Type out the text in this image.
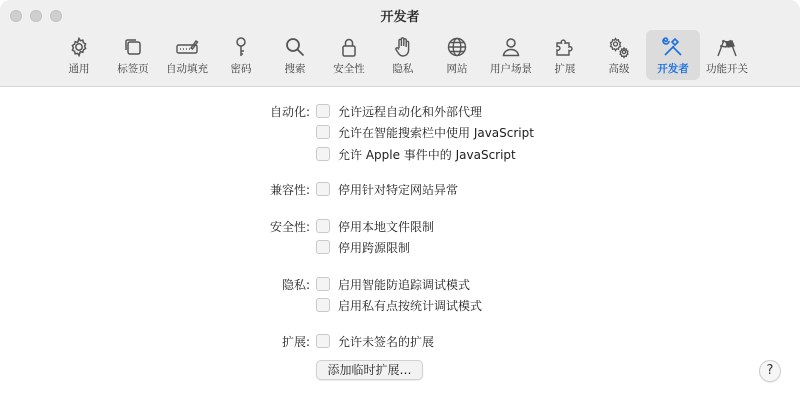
开发者
通用	标签页 自动填充 密码	搜索	安全性	隐私	网站 用户场景 扩展	高级	开发者 功能开关
自动化: 允许远程自动化和外部代理
允许在智能搜索栏中使用 JavaScript
允许 Apple 事件中的 JavaScript
兼容性: 停用针对特定网站异常
安全性: 停用本地文件限制
停用跨源限制
隐私: 启用智能防追踪调试模式
启用私有点按统计调试模式
扩展: 允许未签名的扩展
添加临时扩展…	?
